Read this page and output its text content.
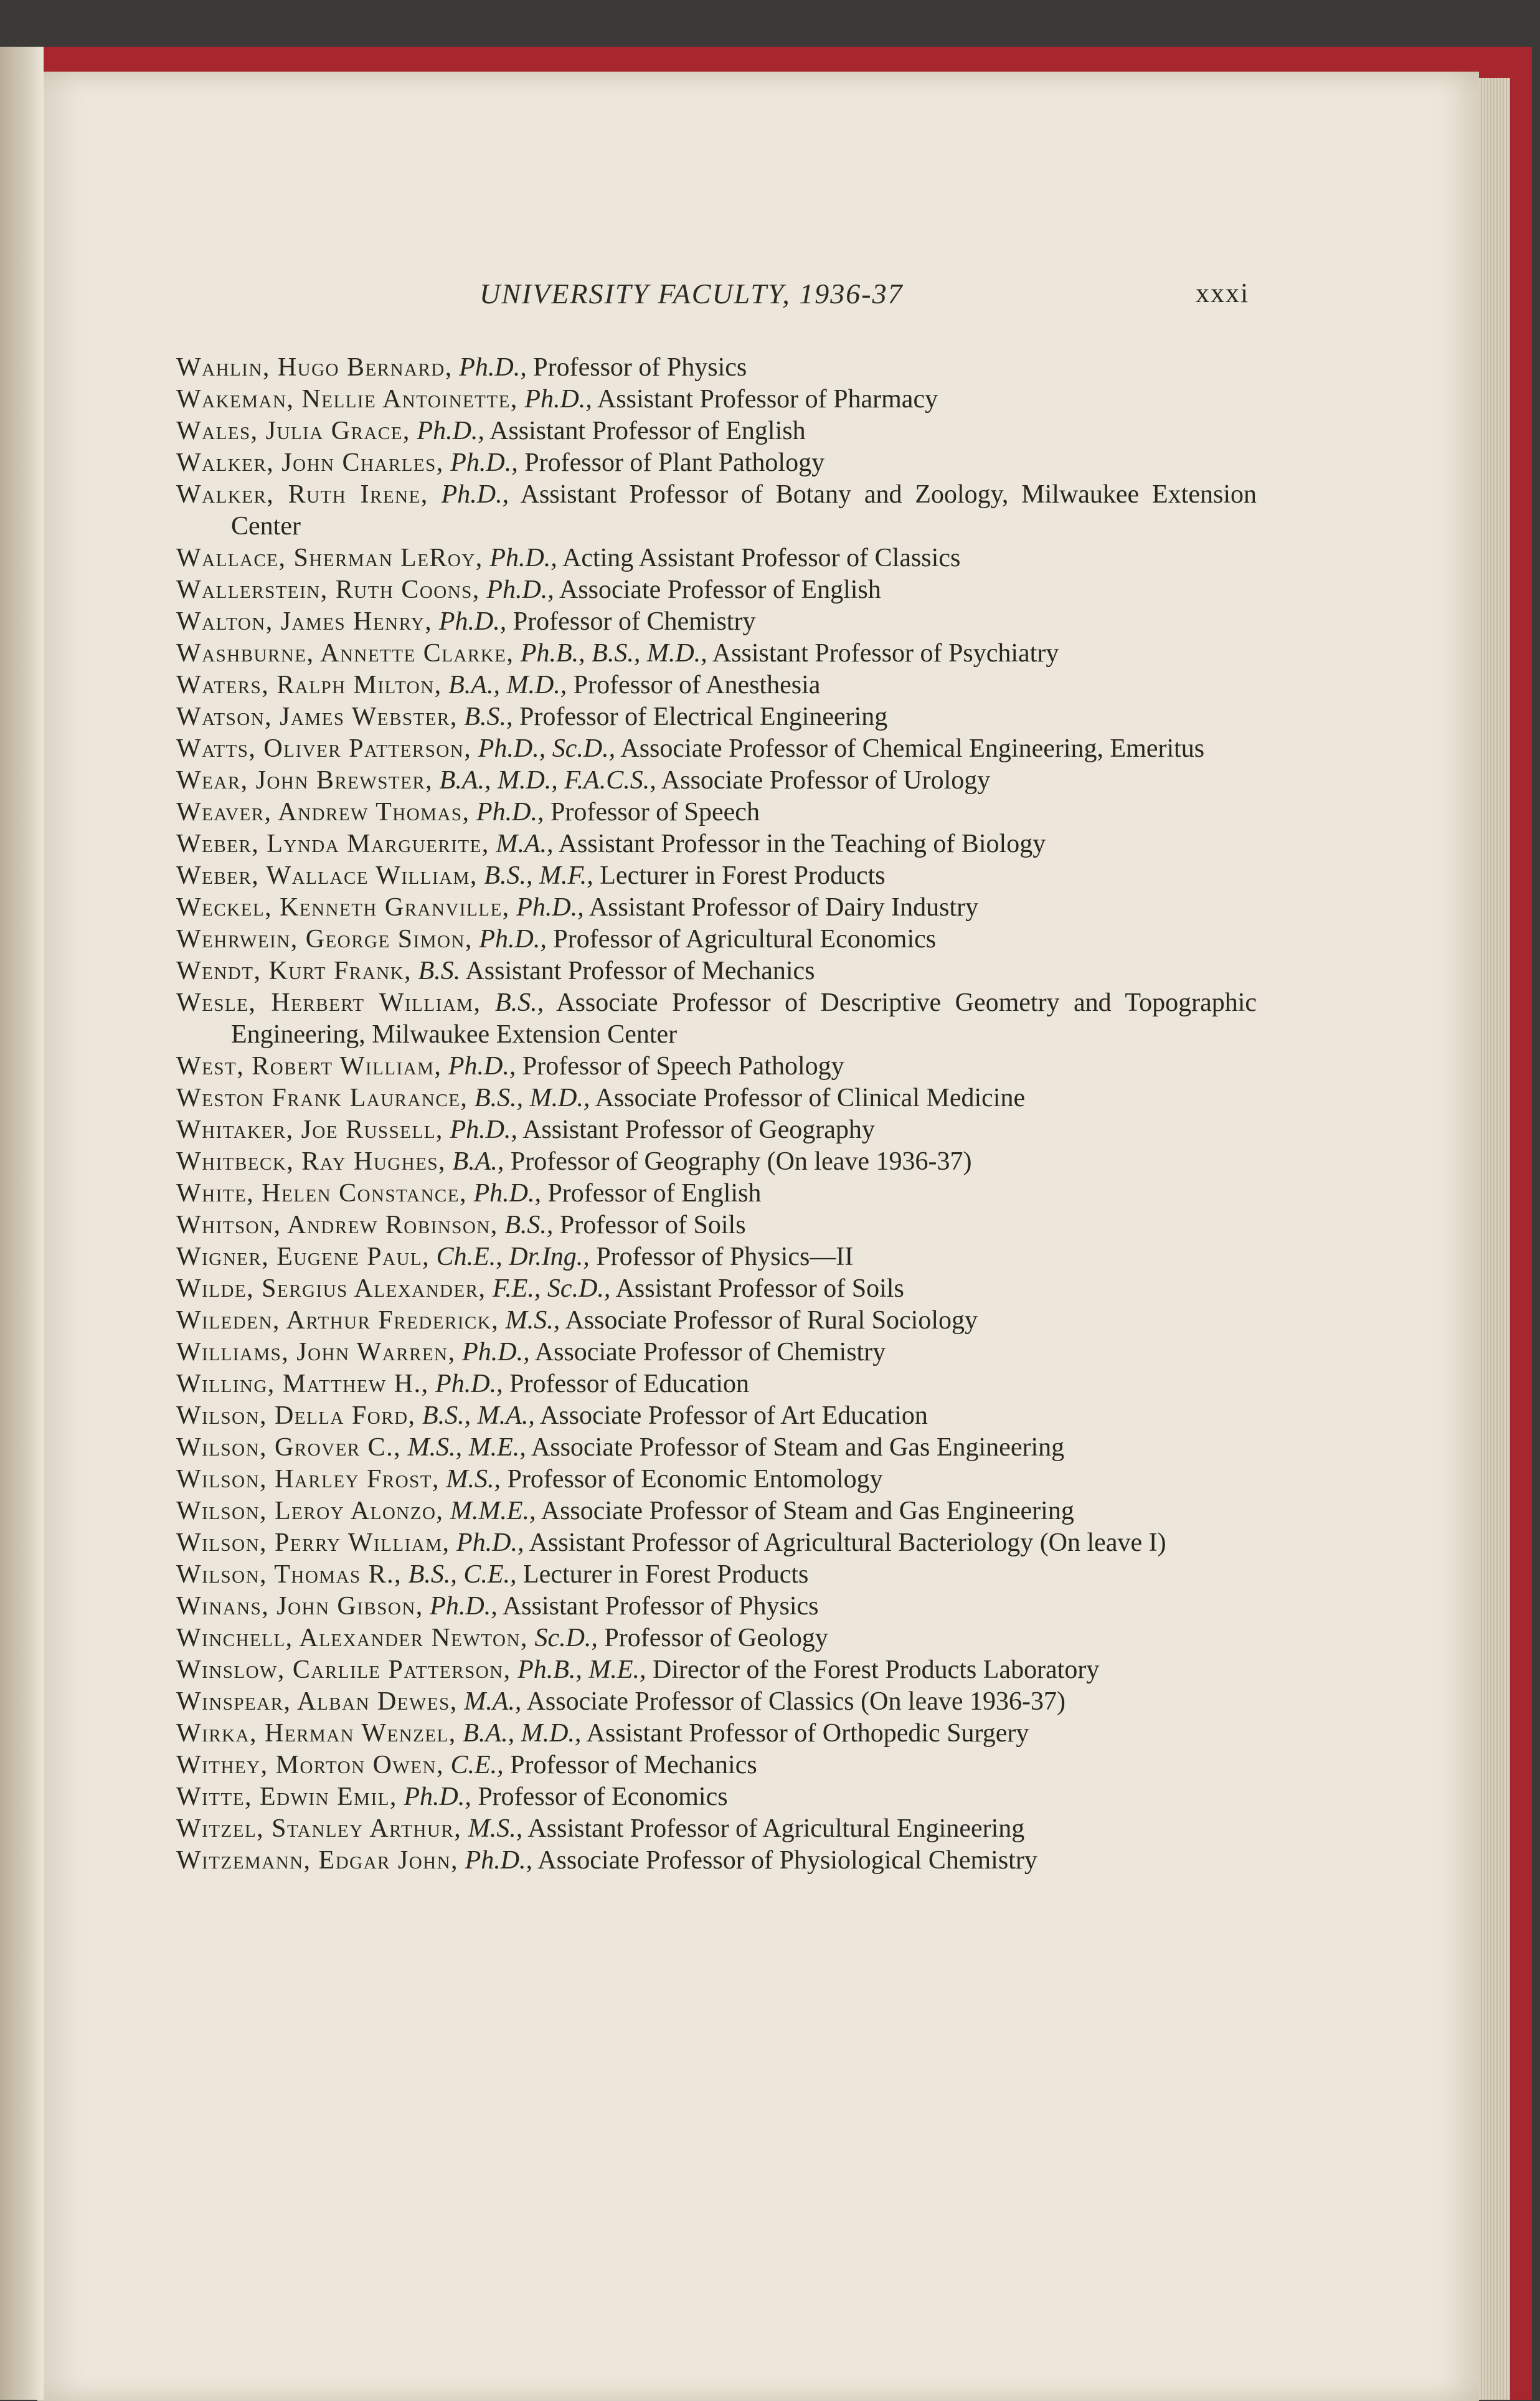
UNIVERSITY FACULTY, 1936-37	xxxi
Wahlin, Hugo Bernard, Ph.D., Professor of Physics
Wakeman, Nellie Antoinette, Ph.D., Assistant Professor of Pharmacy
Wales, Julia Grace, Ph.D., Assistant Professor of English
Walker, John Charles, Ph.D., Professor of Plant Pathology
Walker, Ruth Irene, Ph.D., Assistant Professor of Botany and Zoology, Milwaukee Extension Center
Wallace, Sherman LeRoy, Ph.D., Acting Assistant Professor of Classics
Wallerstein, Ruth Coons, Ph.D., Associate Professor of English
Walton, James Henry, Ph.D., Professor of Chemistry
Washburne, Annette Clarke, Ph.B., B.S., M.D., Assistant Professor of Psychiatry
Waters, Ralph Milton, B.A., M.D., Professor of Anesthesia
Watson, James Webster, B.S., Professor of Electrical Engineering
Watts, Oliver Patterson, Ph.D., Sc.D., Associate Professor of Chemical Engineering, Emeritus
Wear, John Brewster, B.A., M.D., F.A.C.S., Associate Professor of Urology
Weaver, Andrew Thomas, Ph.D., Professor of Speech
Weber, Lynda Marguerite, M.A., Assistant Professor in the Teaching of Biology
Weber, Wallace William, B.S., M.F., Lecturer in Forest Products
Weckel, Kenneth Granville, Ph.D., Assistant Professor of Dairy Industry
Wehrwein, George Simon, Ph.D., Professor of Agricultural Economics
Wendt, Kurt Frank, B.S. Assistant Professor of Mechanics
Wesle, Herbert William, B.S., Associate Professor of Descriptive Geometry and Topographic Engineering, Milwaukee Extension Center
West, Robert William, Ph.D., Professor of Speech Pathology
Weston Frank Laurance, B.S., M.D., Associate Professor of Clinical Medicine
Whitaker, Joe Russell, Ph.D., Assistant Professor of Geography
Whitbeck, Ray Hughes, B.A., Professor of Geography (On leave 1936-37)
White, Helen Constance, Ph.D., Professor of English
Whitson, Andrew Robinson, B.S., Professor of Soils
Wigner, Eugene Paul, Ch.E., Dr.Ing., Professor of Physics—II
Wilde, Sergius Alexander, F.E., Sc.D., Assistant Professor of Soils
Wileden, Arthur Frederick, M.S., Associate Professor of Rural Sociology
Williams, John Warren, Ph.D., Associate Professor of Chemistry
Willing, Matthew H., Ph.D., Professor of Education
Wilson, Della Ford, B.S., M.A., Associate Professor of Art Education
Wilson, Grover C., M.S., M.E., Associate Professor of Steam and Gas Engineering
Wilson, Harley Frost, M.S., Professor of Economic Entomology
Wilson, Leroy Alonzo, M.M.E., Associate Professor of Steam and Gas Engineering
Wilson, Perry William, Ph.D., Assistant Professor of Agricultural Bacteriology (On leave I)
Wilson, Thomas R., B.S., C.E., Lecturer in Forest Products
Winans, John Gibson, Ph.D., Assistant Professor of Physics
Winchell, Alexander Newton, Sc.D., Professor of Geology
Winslow, Carlile Patterson, Ph.B., M.E., Director of the Forest Products Laboratory
Winspear, Alban Dewes, M.A., Associate Professor of Classics (On leave 1936-37)
Wirka, Herman Wenzel, B.A., M.D., Assistant Professor of Orthopedic Surgery
Withey, Morton Owen, C.E., Professor of Mechanics
Witte, Edwin Emil, Ph.D., Professor of Economics
Witzel, Stanley Arthur, M.S., Assistant Professor of Agricultural Engineering
Witzemann, Edgar John, Ph.D., Associate Professor of Physiological Chemistry
